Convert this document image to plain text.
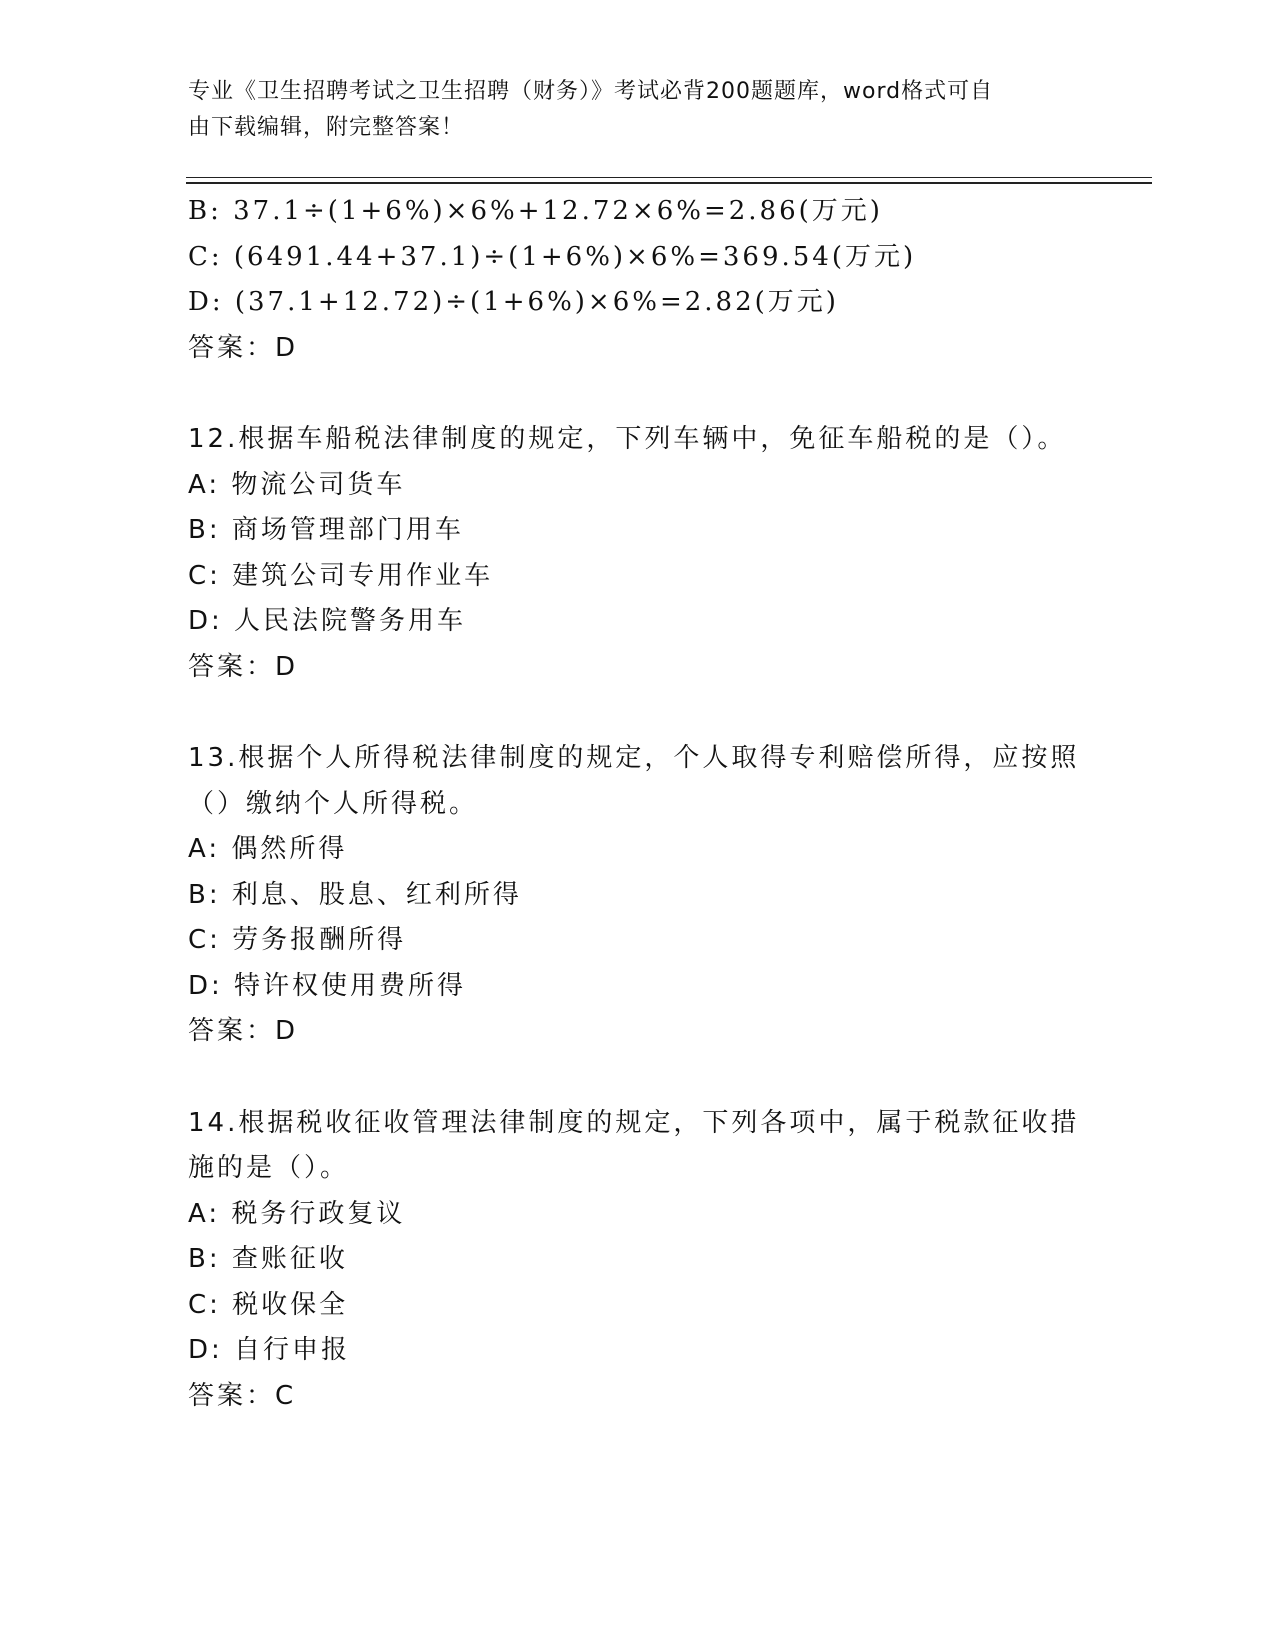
专业《卫生招聘考试之卫生招聘（财务）》考试必背200题题库，word格式可自
由下载编辑，附完整答案！
B: 37.1÷(1+6%)×6%+12.72×6%=2.86(万元)
C: (6491.44+37.1)÷(1+6%)×6%=369.54(万元)
D: (37.1+12.72)÷(1+6%)×6%=2.82(万元)
答案：D
12.根据车船税法律制度的规定，下列车辆中，免征车船税的是（）。
A: 物流公司货车
B: 商场管理部门用车
C: 建筑公司专用作业车
D: 人民法院警务用车
答案：D
13.根据个人所得税法律制度的规定，个人取得专利赔偿所得，应按照
（）缴纳个人所得税。
A: 偶然所得
B: 利息、股息、红利所得
C: 劳务报酬所得
D: 特许权使用费所得
答案：D
14.根据税收征收管理法律制度的规定，下列各项中，属于税款征收措
施的是（）。
A: 税务行政复议
B: 查账征收
C: 税收保全
D: 自行申报
答案：C
